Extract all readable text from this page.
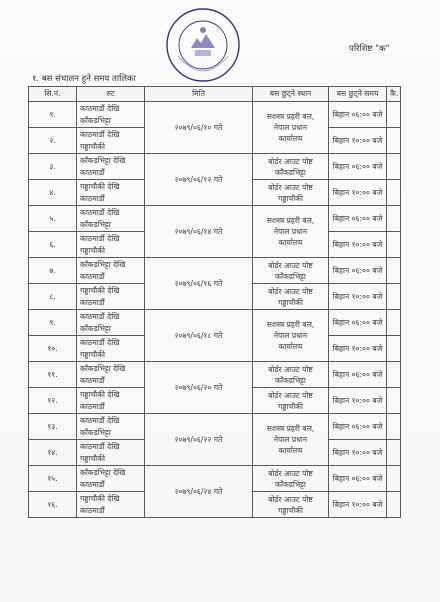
परिशिष्ट "क"
१. बस संचालन हुने समय तालिका
सि.नं.	रुट	मिति	बस छुट्ने स्थान	बस छुट्ने समय	कै.
९.	काठमाडौं देखि
काँकडभिट्टा	२०७९/०६/१० गते	सशस्त्र प्रहरी बल,
नेपाल प्रधान
कार्यालय	बिहान ०६:०० बजे	
२.	काठमाडौं देखि
गड्डाचौकी			बिहान १०:०० बजे	
३.	काँकडभिट्टा देखि
काठमाडौं	२०७९/०६/१२ गते	बोर्डर आउट पोष्ट
काँकडभिट्टा	बिहान ०६:०० बजे	
४.	गड्डाचौकी देखि
काठमाडौं		बोर्डर आउट पोष्ट
गड्डाचौकी	बिहान १०:०० बजे	
५.	काठमाडौं देखि
काँकडभिट्टा	२०७९/०६/१४ गते	सशस्त्र प्रहरी बल,
नेपाल प्रधान
कार्यालय	बिहान ०६:०० बजे	
६.	काठमाडौं देखि
गड्डाचौकी			बिहान १०:०० बजे	
७.	काँकडभिट्टा देखि
काठमाडौं	२०७९/०६/१६ गते	बोर्डर आउट पोष्ट
काँकडभिट्टा	बिहान ०६:०० बजे	
८.	गड्डाचौकी देखि
काठमाडौं		बोर्डर आउट पोष्ट
गड्डाचौकी	बिहान १०:०० बजे	
९.	काठमाडौं देखि
काँकडभिट्टा	२०७९/०६/१८ गते	सशस्त्र प्रहरी बल,
नेपाल प्रधान
कार्यालय	बिहान ०६:०० बजे	
१०.	काठमाडौं देखि
गड्डाचौकी			बिहान १०:०० बजे	
११.	काँकडभिट्टा देखि
काठमाडौं	२०७९/०६/२० गते	बोर्डर आउट पोष्ट
काँकडभिट्टा	बिहान ०६:०० बजे	
१२.	गड्डाचौकी देखि
काठमाडौं		बोर्डर आउट पोष्ट
गड्डाचौकी	बिहान १०:०० बजे	
१३.	काठमाडौं देखि
काँकडभिट्टा	२०७९/०६/२२ गते	सशस्त्र प्रहरी बल,
नेपाल प्रधान
कार्यालय	बिहान ०६:०० बजे	
१४.	काठमाडौं देखि
गड्डाचौकी			बिहान १०:०० बजे	
१५.	काँकडभिट्टा देखि
काठमाडौं	२०७९/०६/२४ गते	बोर्डर आउट पोष्ट
काँकडभिट्टा	बिहान ०६:०० बजे	
१६.	गड्डाचौकी देखि
काठमाडौं		बोर्डर आउट पोष्ट
गड्डाचौकी	बिहान १०:०० बजे	
